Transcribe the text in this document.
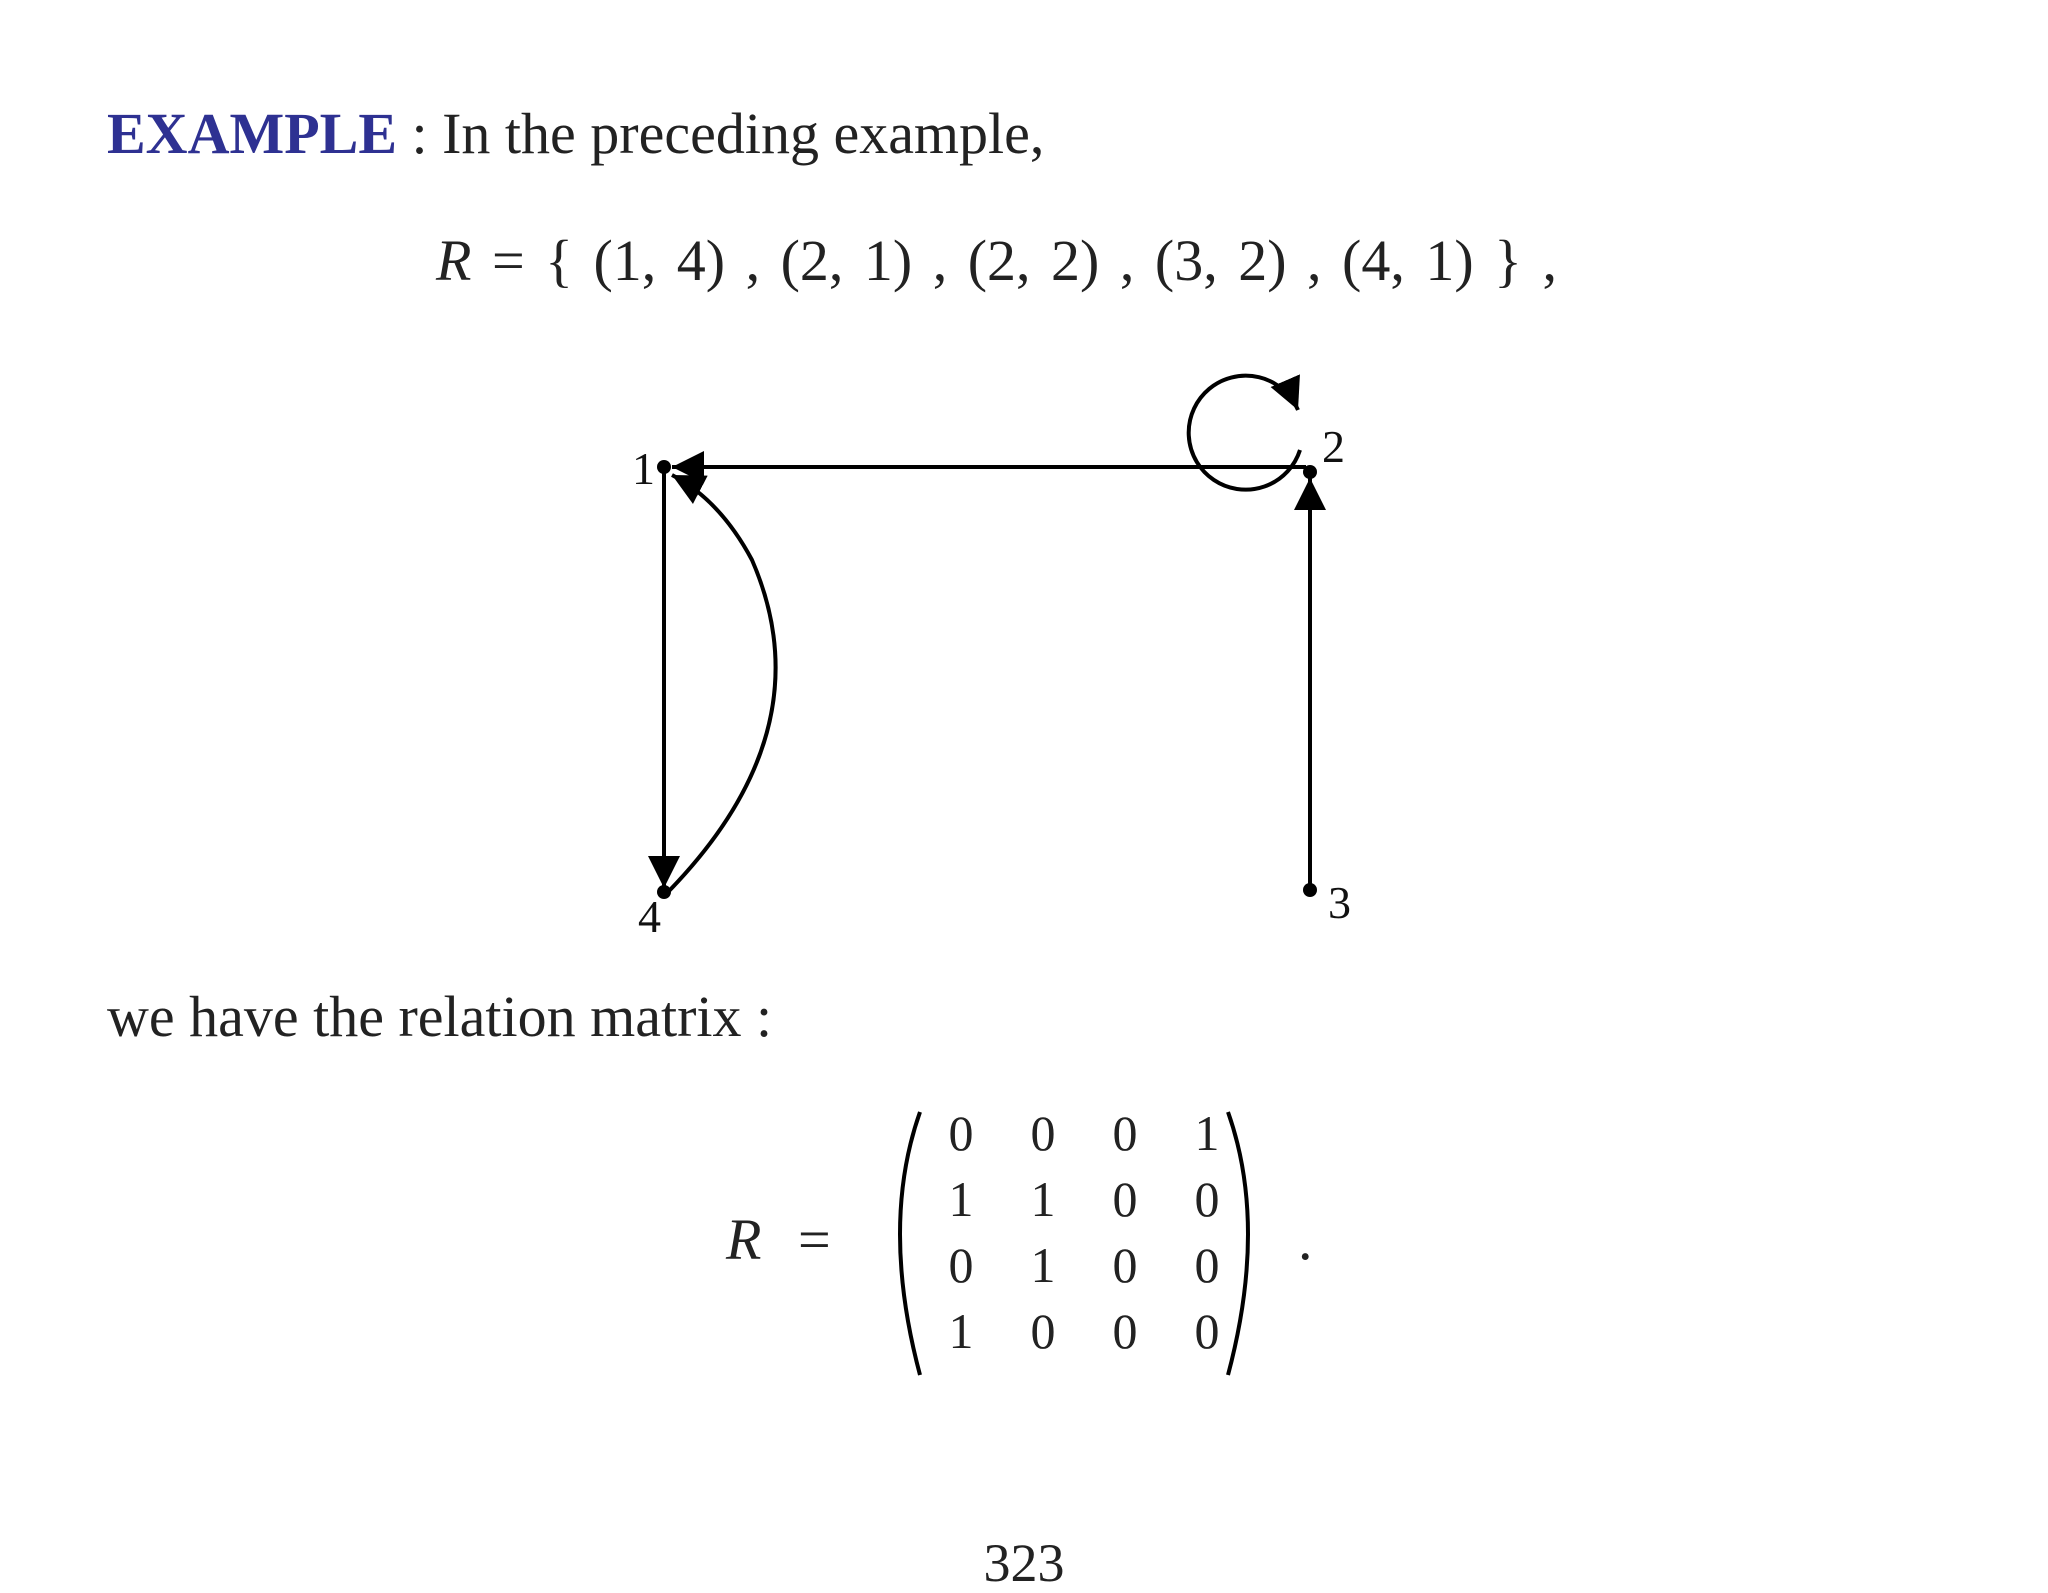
EXAMPLE : In the preceding example,
R = { (1, 4) , (2, 1) , (2, 2) , (3, 2) , (4, 1) } ,
1	2
3
4
we have the relation matrix :
R =
0	0	0	1
1	1	0	0
0	1	0	0
1	0	0	0
.
323
